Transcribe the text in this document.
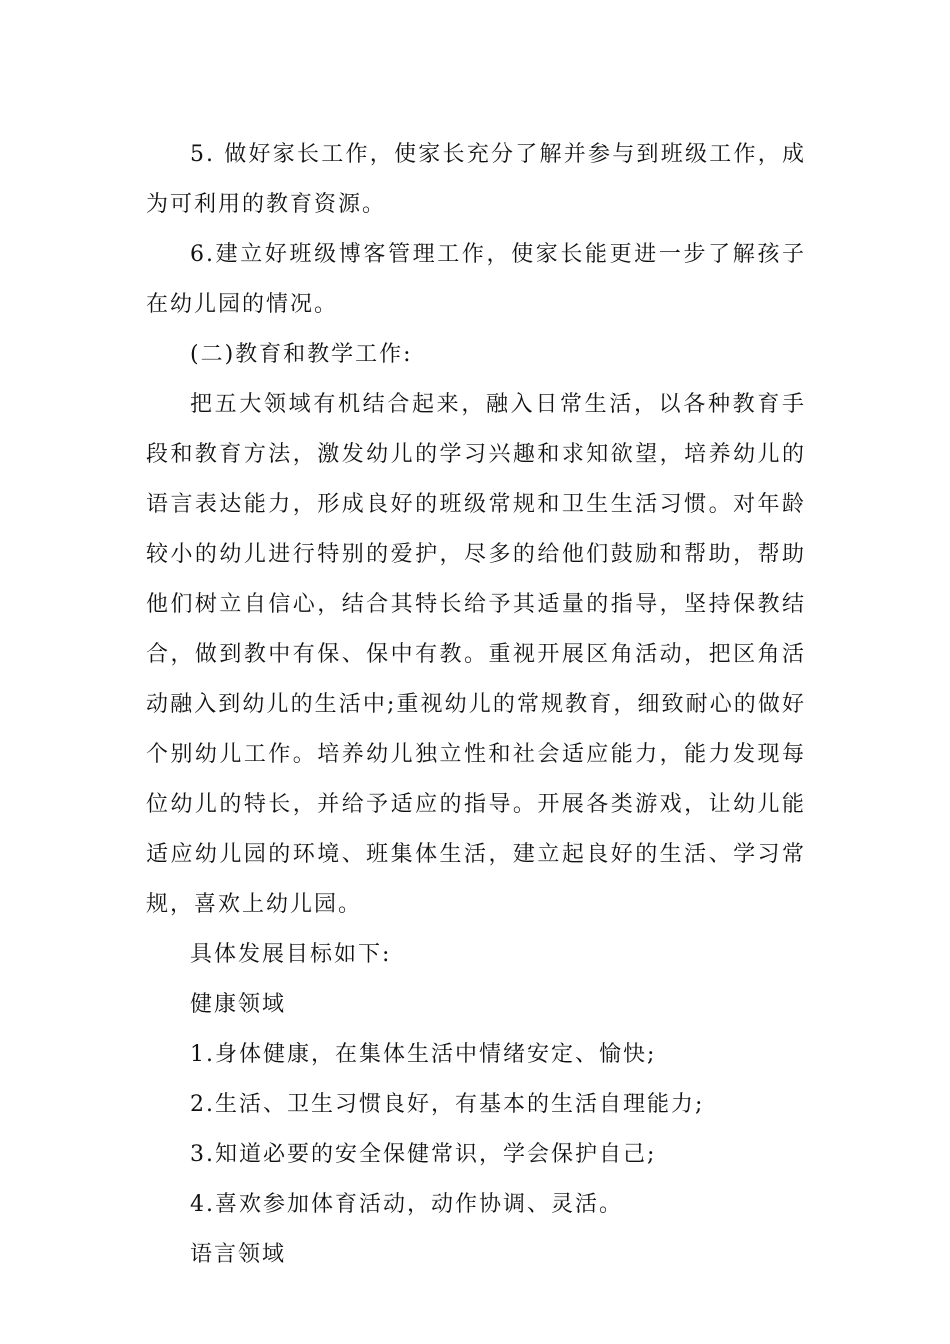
5. 做好家长工作，使家长充分了解并参与到班级工作，成为可利用的教育资源。

6.建立好班级博客管理工作，使家长能更进一步了解孩子在幼儿园的情况。

(二)教育和教学工作:

把五大领域有机结合起来，融入日常生活，以各种教育手段和教育方法，激发幼儿的学习兴趣和求知欲望，培养幼儿的语言表达能力，形成良好的班级常规和卫生生活习惯。对年龄较小的幼儿进行特别的爱护，尽多的给他们鼓励和帮助，帮助他们树立自信心，结合其特长给予其适量的指导，坚持保教结合，做到教中有保、保中有教。重视开展区角活动，把区角活动融入到幼儿的生活中;重视幼儿的常规教育，细致耐心的做好个别幼儿工作。培养幼儿独立性和社会适应能力，能力发现每位幼儿的特长，并给予适应的指导。开展各类游戏，让幼儿能适应幼儿园的环境、班集体生活，建立起良好的生活、学习常规，喜欢上幼儿园。

具体发展目标如下:

健康领域

1.身体健康，在集体生活中情绪安定、愉快;

2.生活、卫生习惯良好，有基本的生活自理能力;

3.知道必要的安全保健常识，学会保护自己;

4.喜欢参加体育活动，动作协调、灵活。

语言领域
